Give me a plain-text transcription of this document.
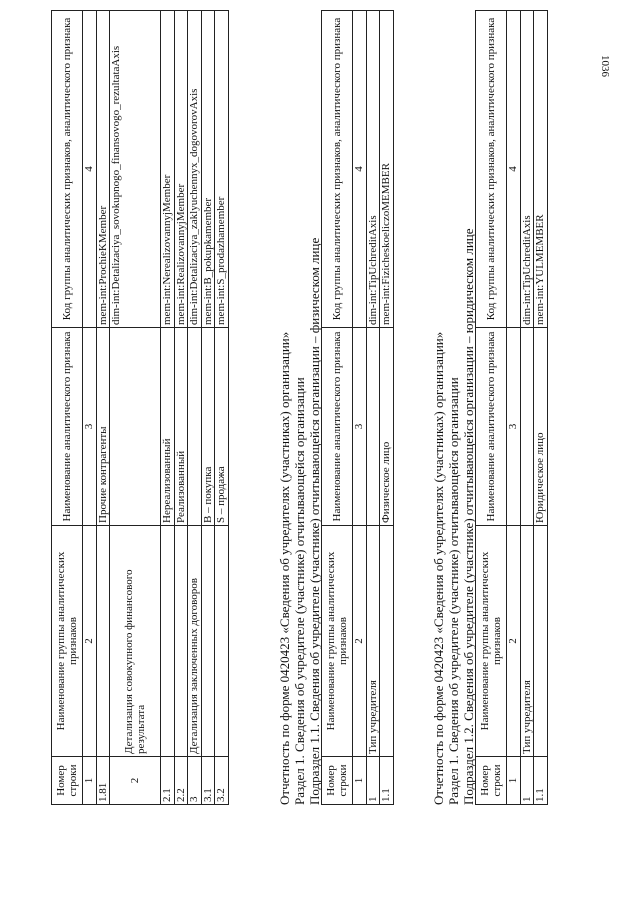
1036
Номер строки	Наименование группы аналитических признаков	Наименование аналитического признака	Код группы аналитических признаков, аналитического признака
1	2	3	4
1.81		Прочие контрагенты	mem-int:ProchieKMember
2	Детализация совокупного финансового результата		dim-int:Detalizaciya_sovokupnogo_finansovogo_rezultataAxis
2.1		Нереализованный	mem-int:NerealizovannyjMember
2.2		Реализованный	mem-int:RealizovannyjMember
3	Детализация заключенных договоров		dim-int:Detalizaciya_zaklyuchennyx_dogovorovAxis
3.1		B – покупка	mem-int:B_pokupkamember
3.2		S – продажа	mem-int:S_prodazhamember
Отчетность по форме 0420423 «Сведения об учредителях (участниках) организации» Раздел 1. Сведения об учредителе (участнике) отчитывающейся организации Подраздел 1.1. Сведения об учредителе (участнике) отчитывающейся организации – физическом лице Номер строки	Наименование группы аналитических признаков	Наименование аналитического признака	Код группы аналитических признаков, аналитического признака
1	2	3	4
1	Тип учредителя		dim-int:TipUchreditAxis
1.1		Физическое лицо	mem-int:FizicheskoeliczoMEMBER
Отчетность по форме 0420423 «Сведения об учредителях (участниках) организации» Раздел 1. Сведения об учредителе (участнике) отчитывающейся организации Подраздел 1.2. Сведения об учредителе (участнике) отчитывающейся организации – юридическом лице Номер строки	Наименование группы аналитических признаков	Наименование аналитического признака	Код группы аналитических признаков, аналитического признака
1	2	3	4
1	Тип учредителя		dim-int:TipUchreditAxis
1.1		Юридическое лицо	mem-int:YULMEMBER
